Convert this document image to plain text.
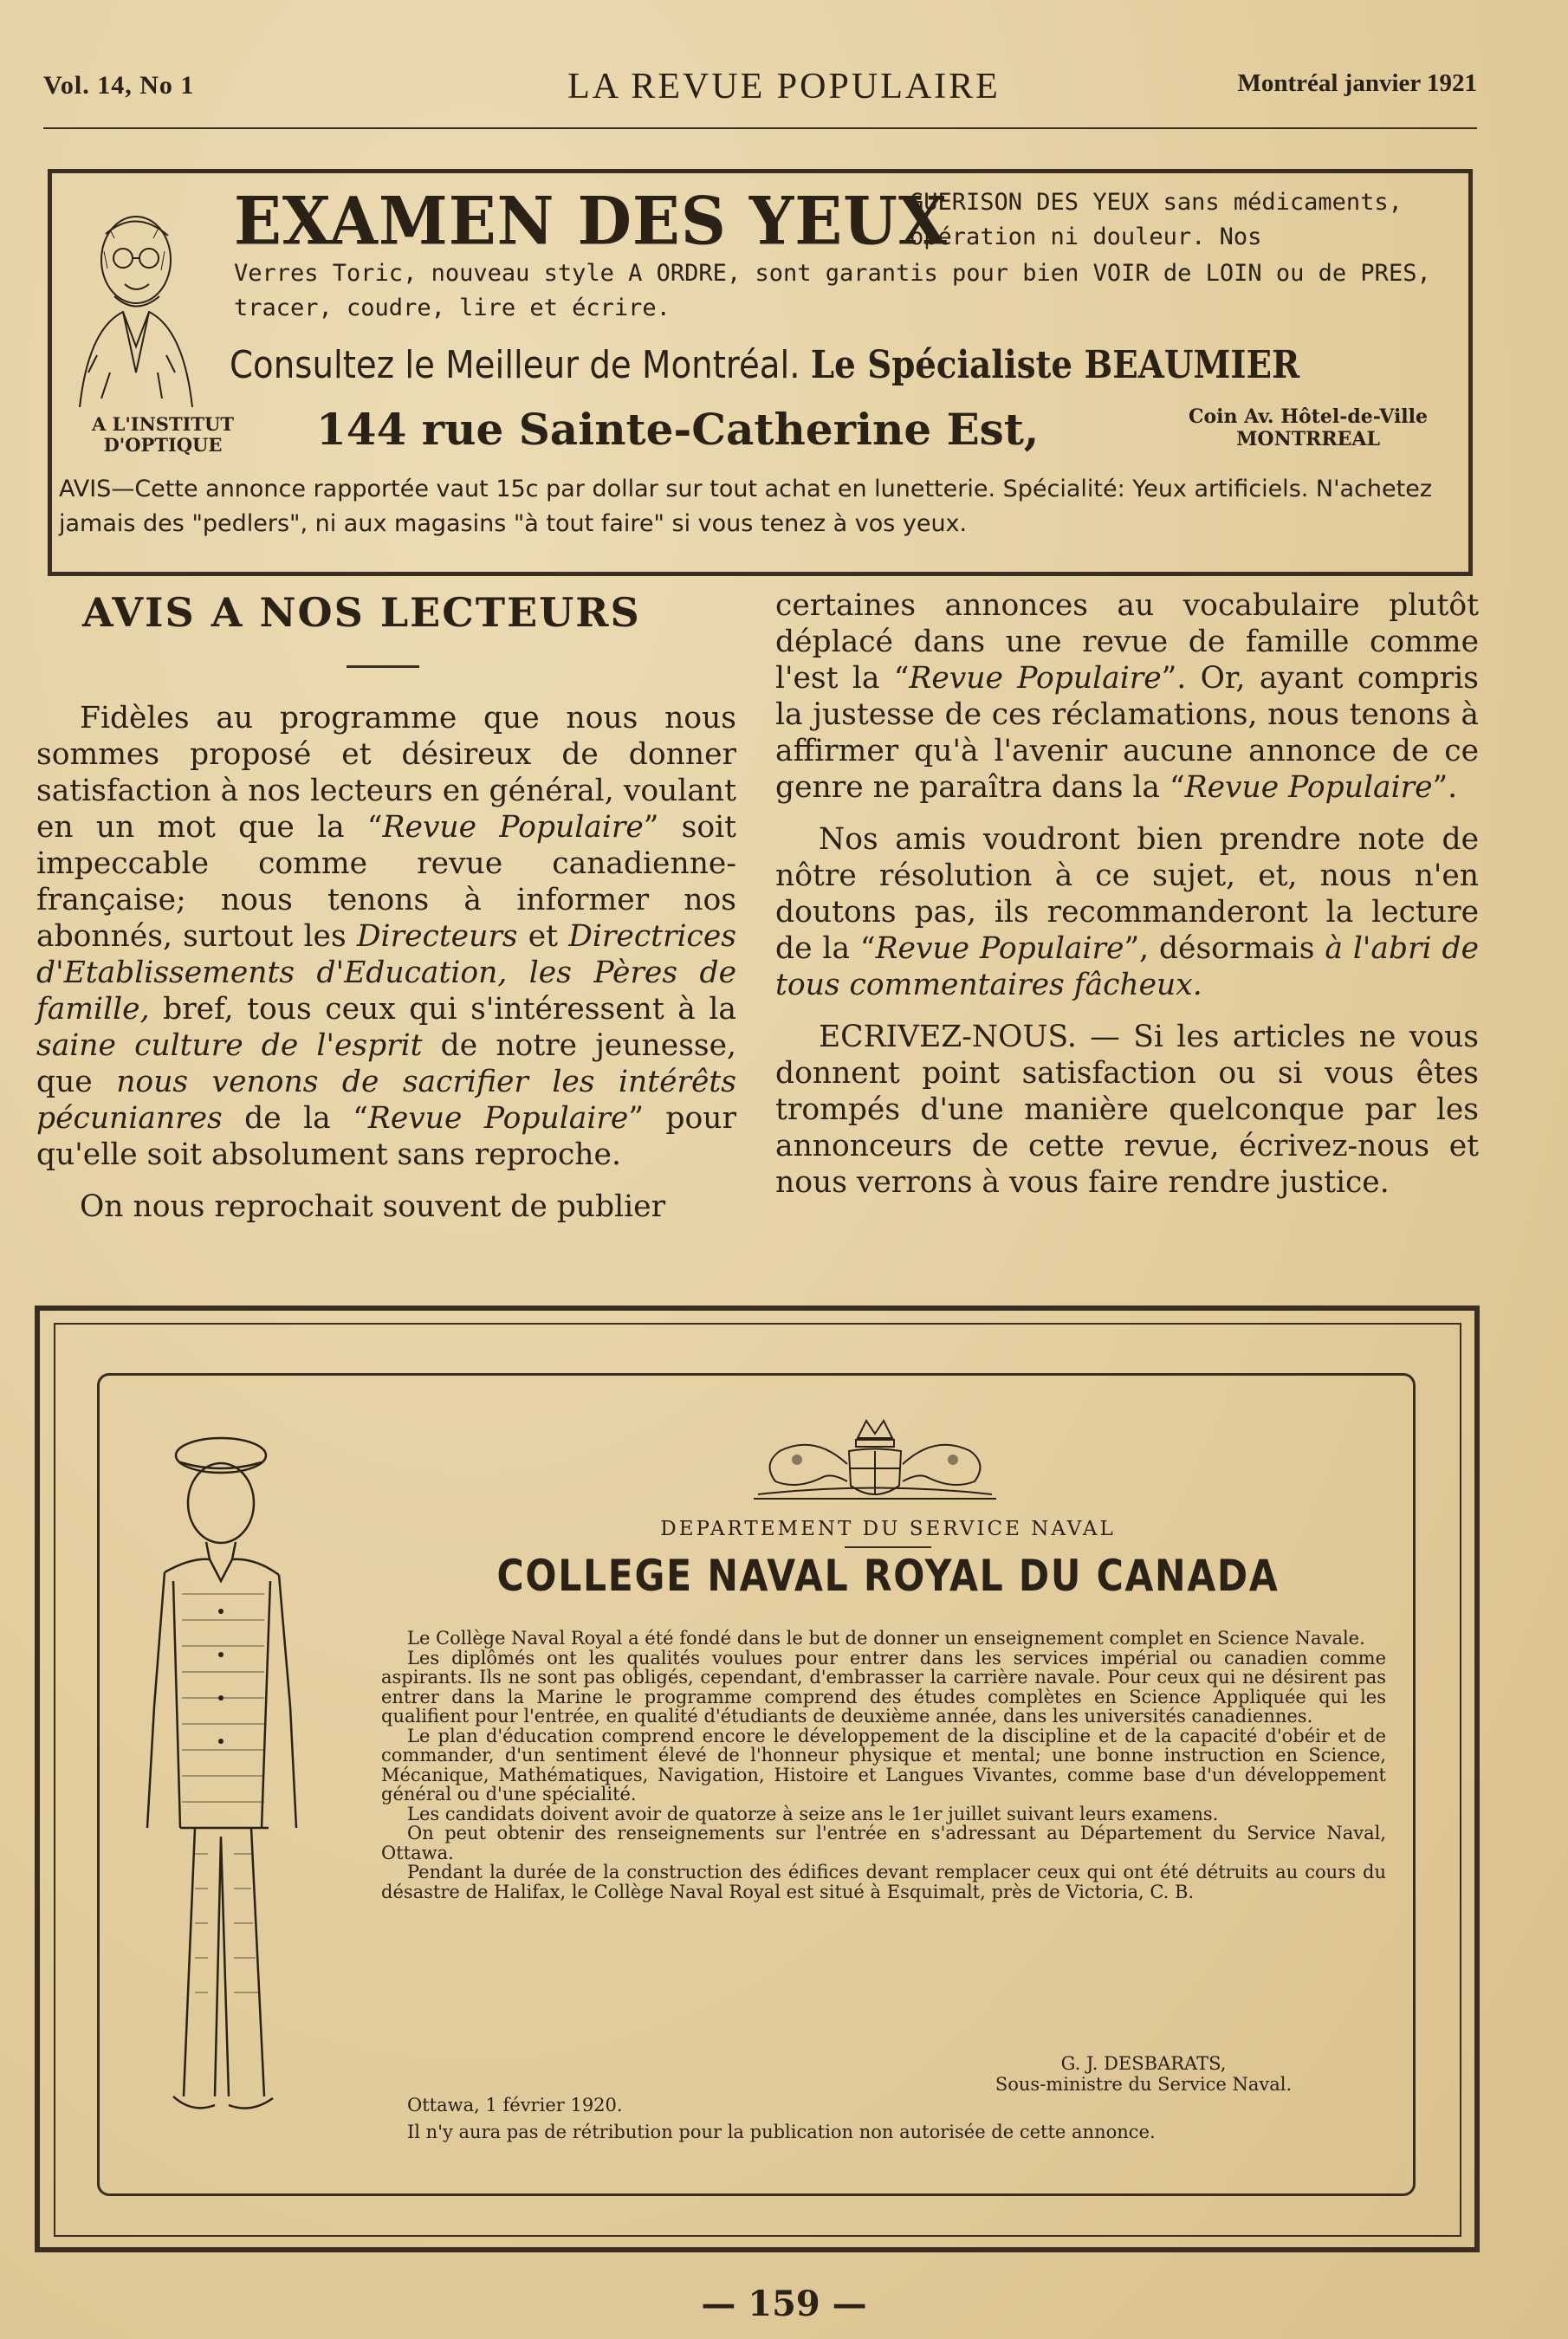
Vol. 14, No 1	LA REVUE POPULAIRE	Montréal janvier 1921
EXAMEN DES YEUX
GUERISON DES YEUX sans médicaments, opération ni douleur. Nos
Verres Toric, nouveau style A ORDRE, sont garantis pour bien VOIR de LOIN ou de PRES, tracer, coudre, lire et écrire.
Consultez le Meilleur de Montréal. Le Spécialiste BEAUMIER
A L'INSTITUT D'OPTIQUE	144 rue Sainte-Catherine Est,	Coin Av. Hôtel-de-Ville MONTRREAL
AVIS—Cette annonce rapportée vaut 15c par dollar sur tout achat en lunetterie. Spécialité: Yeux artificiels. N'achetez jamais des "pedlers", ni aux magasins "à tout faire" si vous tenez à vos yeux.
AVIS A NOS LECTEURS

Fidèles au programme que nous nous sommes proposé et désireux de donner satisfaction à nos lecteurs en général, voulant en un mot que la “Revue Populaire” soit impeccable comme revue canadienne-française; nous tenons à informer nos abonnés, surtout les Directeurs et Directrices d'Etablissements d'Education, les Pères de famille, bref, tous ceux qui s'intéressent à la saine culture de l'esprit de notre jeunesse, que nous venons de sacrifier les intérêts pécunianres de la “Revue Populaire” pour qu'elle soit absolument sans reproche.

On nous reprochait souvent de publier

certaines annonces au vocabulaire plutôt déplacé dans une revue de famille comme l'est la “Revue Populaire”. Or, ayant compris la justesse de ces réclamations, nous tenons à affirmer qu'à l'avenir aucune annonce de ce genre ne paraîtra dans la “Revue Populaire”.

Nos amis voudront bien prendre note de nôtre résolution à ce sujet, et, nous n'en doutons pas, ils recommanderont la lecture de la “Revue Populaire”, désormais à l'abri de tous commentaires fâcheux.

ECRIVEZ-NOUS. — Si les articles ne vous donnent point satisfaction ou si vous êtes trompés d'une manière quelconque par les annonceurs de cette revue, écrivez-nous et nous verrons à vous faire rendre justice.

DEPARTEMENT DU SERVICE NAVAL
COLLEGE NAVAL ROYAL DU CANADA

Le Collège Naval Royal a été fondé dans le but de donner un enseignement complet en Science Navale.

Les diplômés ont les qualités voulues pour entrer dans les services impérial ou canadien comme aspirants. Ils ne sont pas obligés, cependant, d'embrasser la carrière navale. Pour ceux qui ne désirent pas entrer dans la Marine le programme comprend des études complètes en Science Appliquée qui les qualifient pour l'entrée, en qualité d'étudiants de deuxième année, dans les universités canadiennes.

Le plan d'éducation comprend encore le développement de la discipline et de la capacité d'obéir et de commander, d'un sentiment élevé de l'honneur physique et mental; une bonne instruction en Science, Mécanique, Mathématiques, Navigation, Histoire et Langues Vivantes, comme base d'un développement général ou d'une spécialité.

Les candidats doivent avoir de quatorze à seize ans le 1er juillet suivant leurs examens.

On peut obtenir des renseignements sur l'entrée en s'adressant au Département du Service Naval, Ottawa.

Pendant la durée de la construction des édifices devant remplacer ceux qui ont été détruits au cours du désastre de Halifax, le Collège Naval Royal est situé à Esquimalt, près de Victoria, C. B.

G. J. DESBARATS,
Sous-ministre du Service Naval.
Ottawa, 1 février 1920.
Il n'y aura pas de rétribution pour la publication non autorisée de cette annonce.
— 159 —
